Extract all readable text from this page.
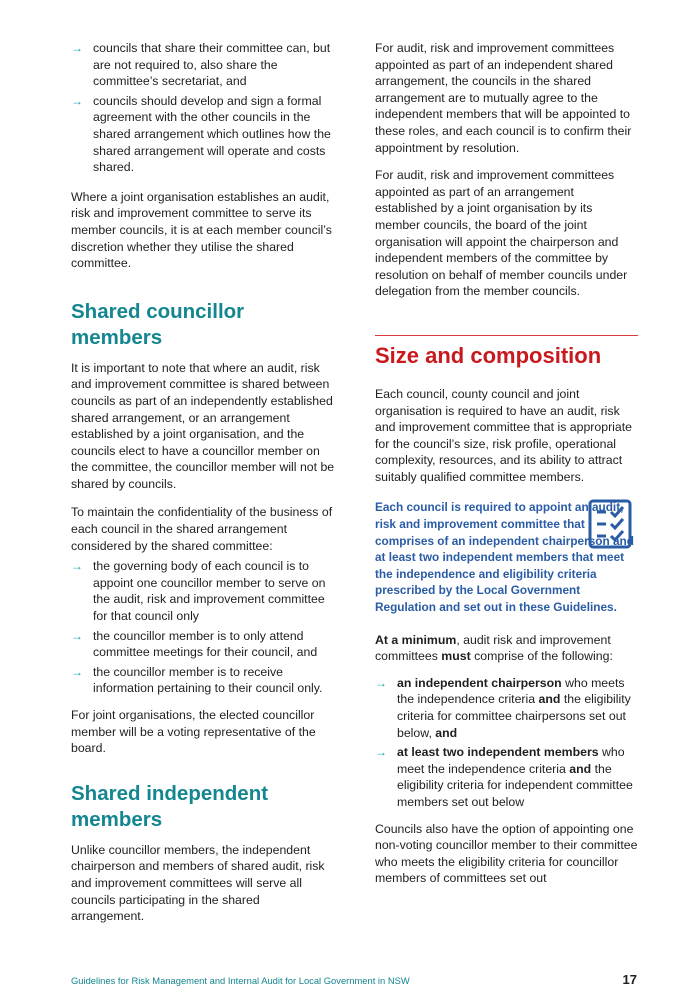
→ councils that share their committee can, but are not required to, also share the committee’s secretariat, and
→ councils should develop and sign a formal agreement with the other councils in the shared arrangement which outlines how the shared arrangement will operate and costs shared.

Where a joint organisation establishes an audit, risk and improvement committee to serve its member councils, it is at each member council’s discretion whether they utilise the shared committee.

Shared councillor members

It is important to note that where an audit, risk and improvement committee is shared between councils as part of an independently established shared arrangement, or an arrangement established by a joint organisation, and the councils elect to have a councillor member on the committee, the councillor member will not be shared by councils.

To maintain the confidentiality of the business of each council in the shared arrangement considered by the shared committee:

→ the governing body of each council is to appoint one councillor member to serve on the audit, risk and improvement committee for that council only
→ the councillor member is to only attend committee meetings for their council, and
→ the councillor member is to receive information pertaining to their council only.

For joint organisations, the elected councillor member will be a voting representative of the board.

Shared independent members

Unlike councillor members, the independent chairperson and members of shared audit, risk and improvement committees will serve all councils participating in the shared arrangement.

For audit, risk and improvement committees appointed as part of an independent shared arrangement, the councils in the shared arrangement are to mutually agree to the independent members that will be appointed to these roles, and each council is to confirm their appointment by resolution.

For audit, risk and improvement committees appointed as part of an arrangement established by a joint organisation by its member councils, the board of the joint organisation will appoint the chairperson and independent members of the committee by resolution on behalf of member councils under delegation from the member councils.

Size and composition

Each council, county council and joint organisation is required to have an audit, risk and improvement committee that is appropriate for the council’s size, risk profile, operational complexity, resources, and its ability to attract suitably qualified committee members.

Each council is required to appoint an audit, risk and improvement committee that comprises of an independent chairperson and at least two independent members that meet the independence and eligibility criteria prescribed by the Local Government Regulation and set out in these Guidelines.

At a minimum, audit risk and improvement committees must comprise of the following:

→ an independent chairperson who meets the independence criteria and the eligibility criteria for committee chairpersons set out below, and
→ at least two independent members who meet the independence criteria and the eligibility criteria for independent committee members set out below

Councils also have the option of appointing one non-voting councillor member to their committee who meets the eligibility criteria for councillor members of committees set out

Guidelines for Risk Management and Internal Audit for Local Government in NSW	17
